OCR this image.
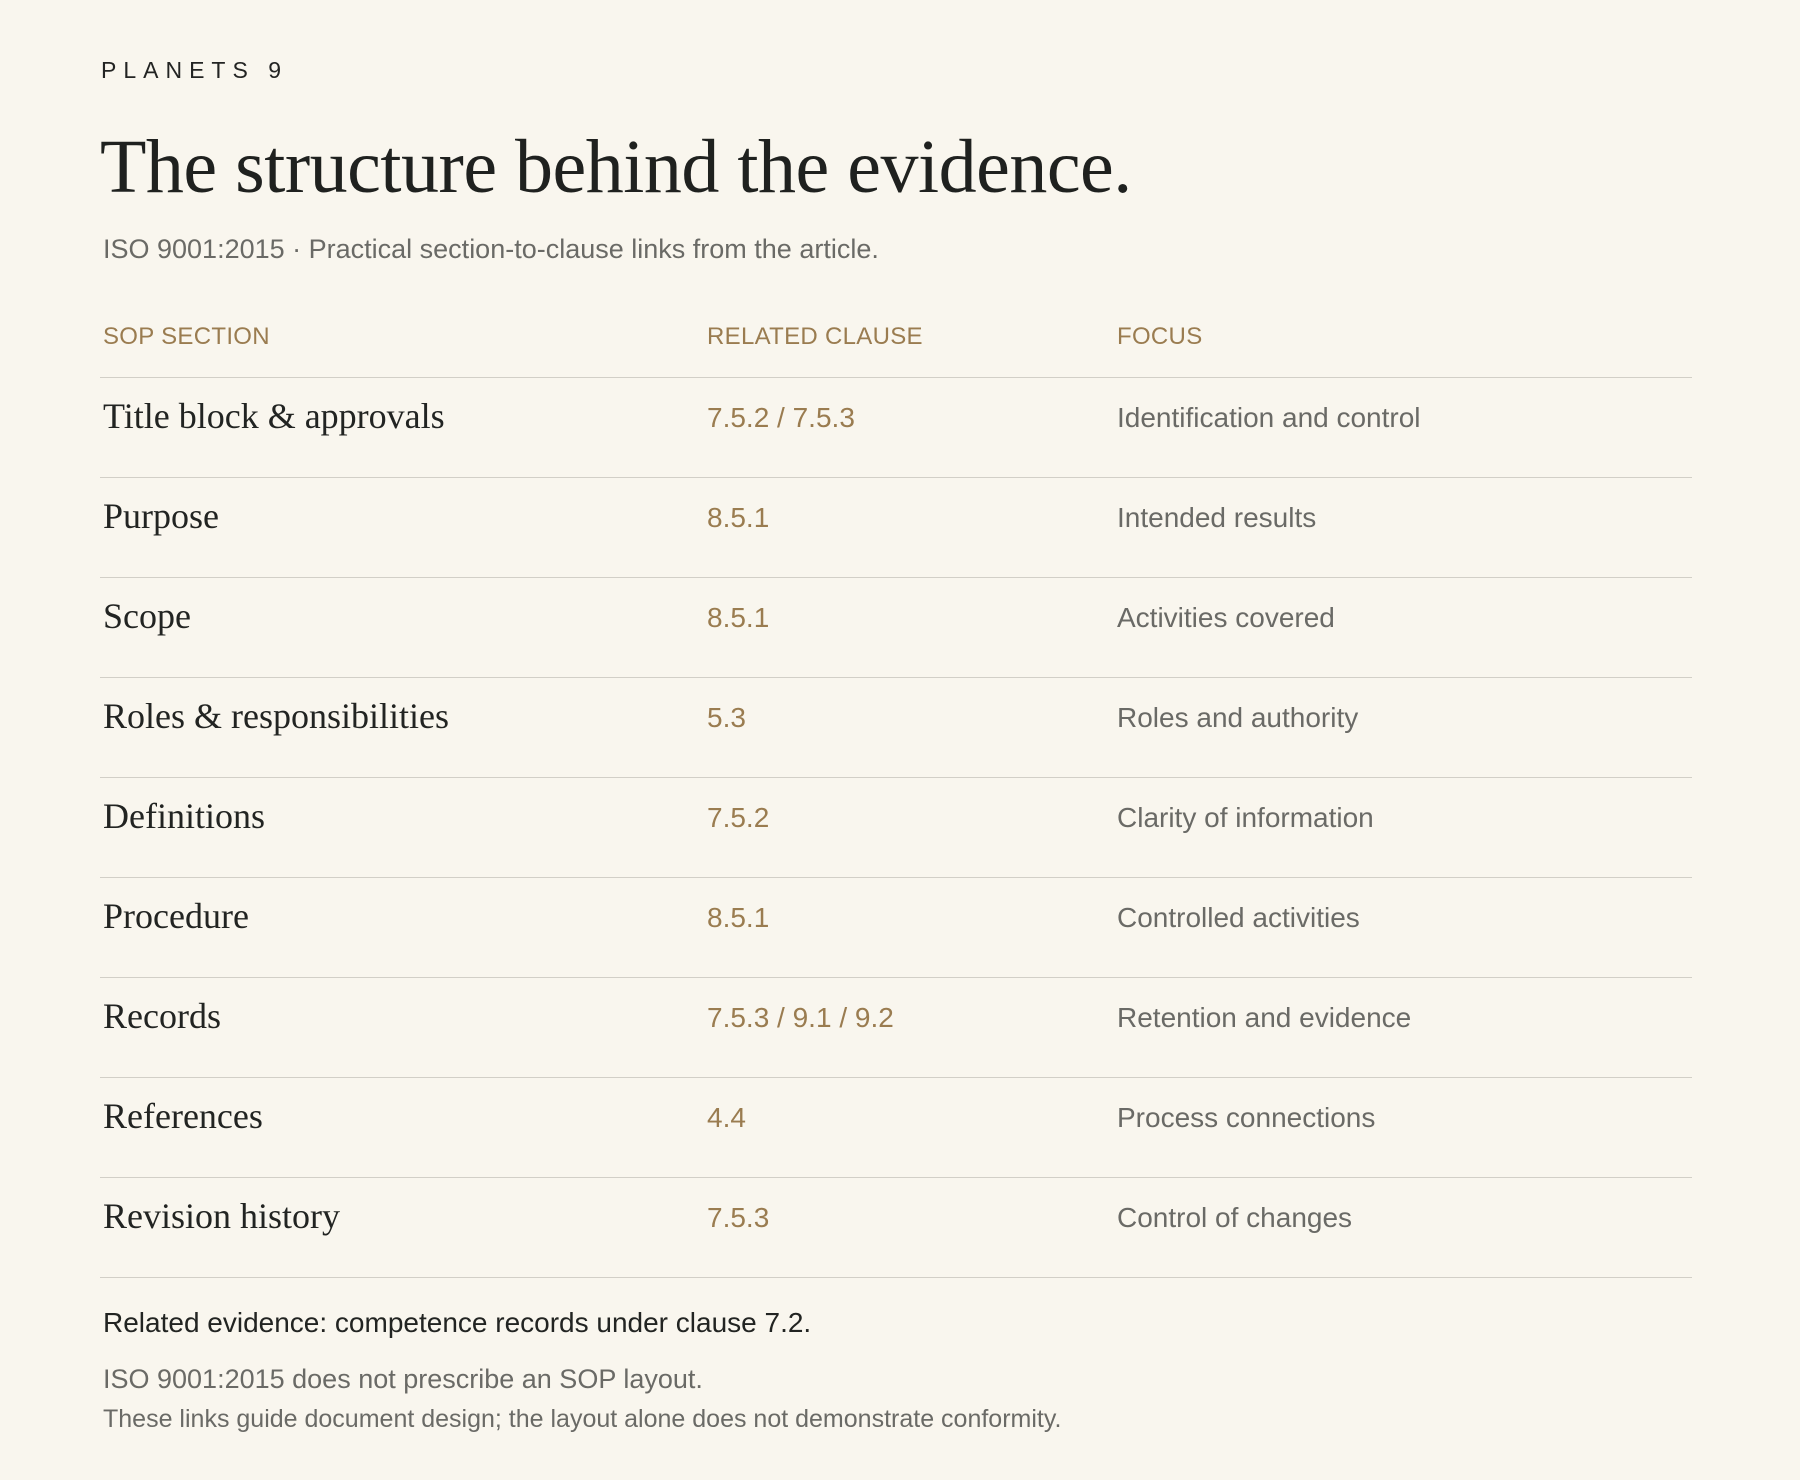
PLANETS 9
The structure behind the evidence.
ISO 9001:2015 · Practical section-to-clause links from the article.
SOP SECTION	RELATED CLAUSE	FOCUS
Title block & approvals	7.5.2 / 7.5.3	Identification and control
Purpose	8.5.1	Intended results
Scope	8.5.1	Activities covered
Roles & responsibilities	5.3	Roles and authority
Definitions	7.5.2	Clarity of information
Procedure	8.5.1	Controlled activities
Records	7.5.3 / 9.1 / 9.2	Retention and evidence
References	4.4	Process connections
Revision history	7.5.3	Control of changes
Related evidence: competence records under clause 7.2.
ISO 9001:2015 does not prescribe an SOP layout.
These links guide document design; the layout alone does not demonstrate conformity.
